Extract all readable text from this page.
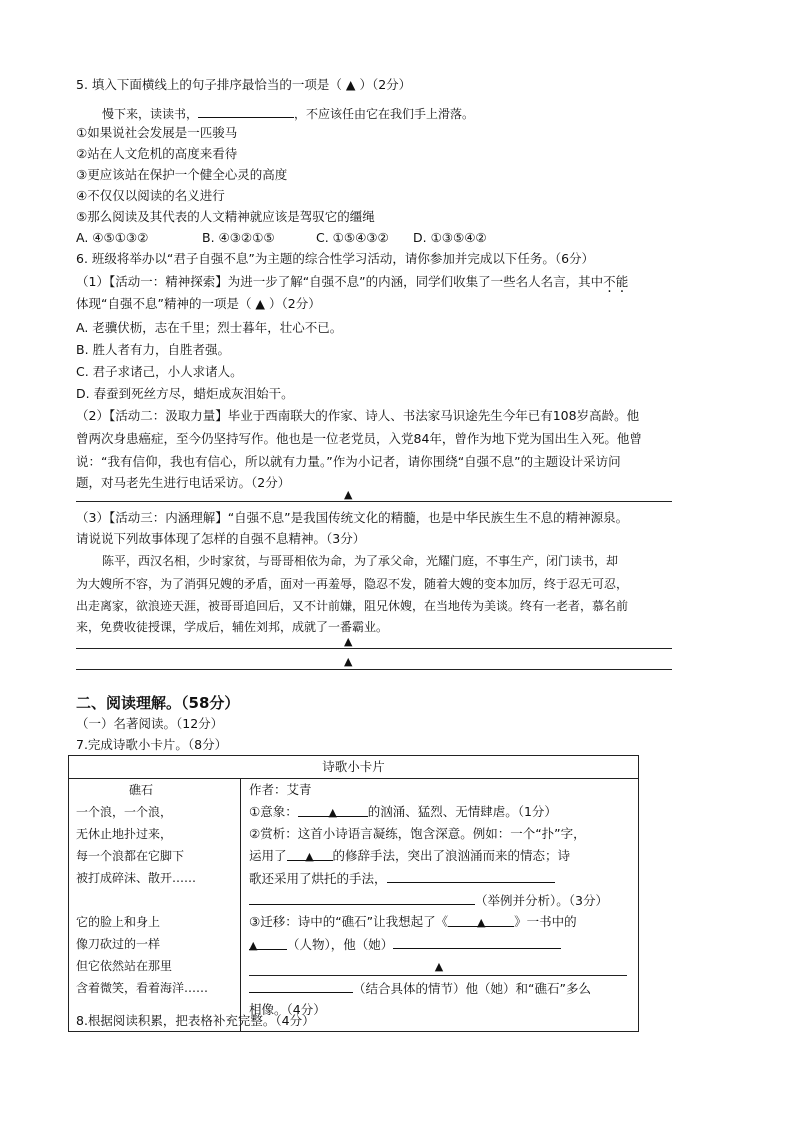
5. 填入下面横线上的句子排序最恰当的一项是（ ▲ ）（2分）
慢下来，读读书，	，不应该任由它在我们手上滑落。
①如果说社会发展是一匹骏马
②站在人文危机的高度来看待
③更应该站在保护一个健全心灵的高度
④不仅仅以阅读的名义进行
⑤那么阅读及其代表的人文精神就应该是驾驭它的缰绳
A. ④⑤①③②	B. ④③②①⑤	C. ①⑤④③② D. ①③⑤④②
6. 班级将举办以“君子自强不息”为主题的综合性学习活动，请你参加并完成以下任务。（6分）
（1）【活动一：精神探索】为进一步了解“自强不息”的内涵，同学们收集了一些名人名言，其中不能
体现“自强不息”精神的一项是（ ▲ ）（2分）
A. 老骥伏枥，志在千里；烈士暮年，壮心不已。
B. 胜人者有力，自胜者强。
C. 君子求诸己，小人求诸人。
D. 春蚕到死丝方尽，蜡炬成灰泪始干。
（2）【活动二：汲取力量】毕业于西南联大的作家、诗人、书法家马识途先生今年已有108岁高龄。他
曾两次身患癌症，至今仍坚持写作。他也是一位老党员，入党84年，曾作为地下党为国出生入死。他曾
说：“我有信仰，我也有信心，所以就有力量。”作为小记者，请你围绕“自强不息”的主题设计采访问
题，对马老先生进行电话采访。（2分）
▲
（3）【活动三：内涵理解】“自强不息”是我国传统文化的精髓，也是中华民族生生不息的精神源泉。
请说说下列故事体现了怎样的自强不息精神。（3分）
陈平，西汉名相，少时家贫，与哥哥相依为命，为了承父命，光耀门庭，不事生产，闭门读书，却
为大嫂所不容，为了消弭兄嫂的矛盾，面对一再羞辱，隐忍不发，随着大嫂的变本加厉，终于忍无可忍，
出走离家，欲浪迹天涯，被哥哥追回后，又不计前嫌，阻兄休嫂，在当地传为美谈。终有一老者，慕名前
来，免费收徒授课，学成后，辅佐刘邦，成就了一番霸业。
▲
▲
二、阅读理解。（58分）
（一）名著阅读。（12分）
7.完成诗歌小卡片。（8分）
诗歌小卡片

礁石
一个浪，一个浪，
无休止地扑过来，
每一个浪都在它脚下
被打成碎沫、散开……
它的脸上和身上
像刀砍过的一样
但它依然站在那里
含着微笑，看着海洋……

作者：艾青
①意象：	▲ 的汹涌、猛烈、无情肆虐。（1分）
②赏析：这首小诗语言凝练，饱含深意。例如：一个“扑”字，
运用了 ▲ 的修辞手法，突出了浪汹涌而来的情态；诗
歌还采用了烘托的手法，
（举例并分析）。（3分）
③迁移：诗中的“礁石”让我想起了《	▲ 》一书中的
▲ （人物），他（她）
▲
（结合具体的情节）他（她）和“礁石”多么
相像。（4分）
8.根据阅读积累，把表格补充完整。（4分）
